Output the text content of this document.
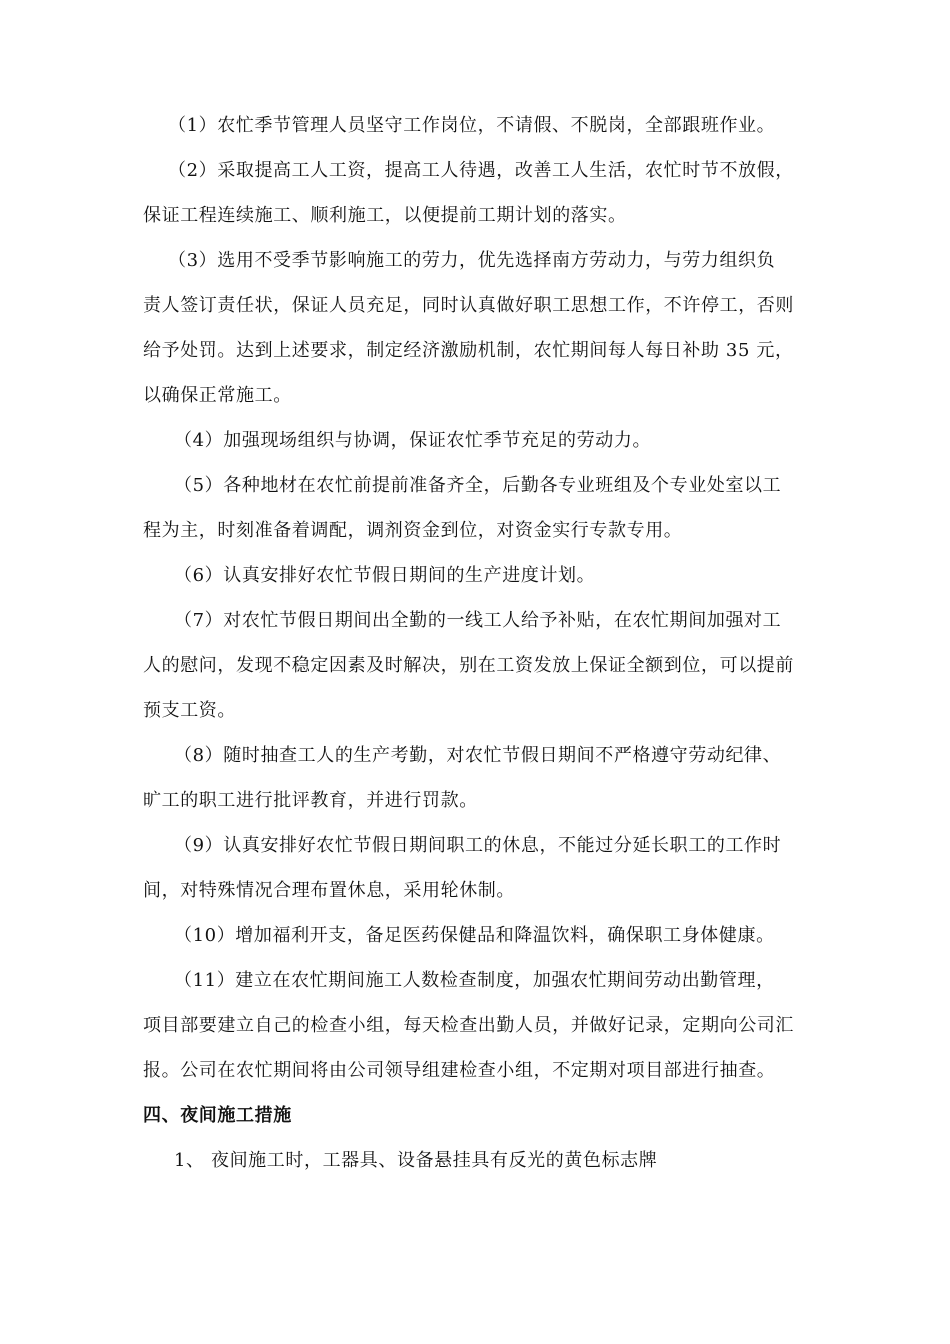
（1）农忙季节管理人员坚守工作岗位，不请假、不脱岗，全部跟班作业。
（2）采取提高工人工资，提高工人待遇，改善工人生活，农忙时节不放假，
保证工程连续施工、顺利施工，以便提前工期计划的落实。
（3）选用不受季节影响施工的劳力，优先选择南方劳动力，与劳力组织负
责人签订责任状，保证人员充足，同时认真做好职工思想工作，不许停工，否则
给予处罚。达到上述要求，制定经济激励机制，农忙期间每人每日补助 35 元，
以确保正常施工。
（4）加强现场组织与协调，保证农忙季节充足的劳动力。
（5）各种地材在农忙前提前准备齐全，后勤各专业班组及个专业处室以工
程为主，时刻准备着调配，调剂资金到位，对资金实行专款专用。
（6）认真安排好农忙节假日期间的生产进度计划。
（7）对农忙节假日期间出全勤的一线工人给予补贴，在农忙期间加强对工
人的慰问，发现不稳定因素及时解决，别在工资发放上保证全额到位，可以提前
预支工资。
（8）随时抽查工人的生产考勤，对农忙节假日期间不严格遵守劳动纪律、
旷工的职工进行批评教育，并进行罚款。
（9）认真安排好农忙节假日期间职工的休息，不能过分延长职工的工作时
间，对特殊情况合理布置休息，采用轮休制。
（10）增加福利开支，备足医药保健品和降温饮料，确保职工身体健康。
（11）建立在农忙期间施工人数检查制度，加强农忙期间劳动出勤管理，
项目部要建立自己的检查小组，每天检查出勤人员，并做好记录，定期向公司汇
报。公司在农忙期间将由公司领导组建检查小组，不定期对项目部进行抽查。
四、夜间施工措施
1、 夜间施工时，工器具、设备悬挂具有反光的黄色标志牌
